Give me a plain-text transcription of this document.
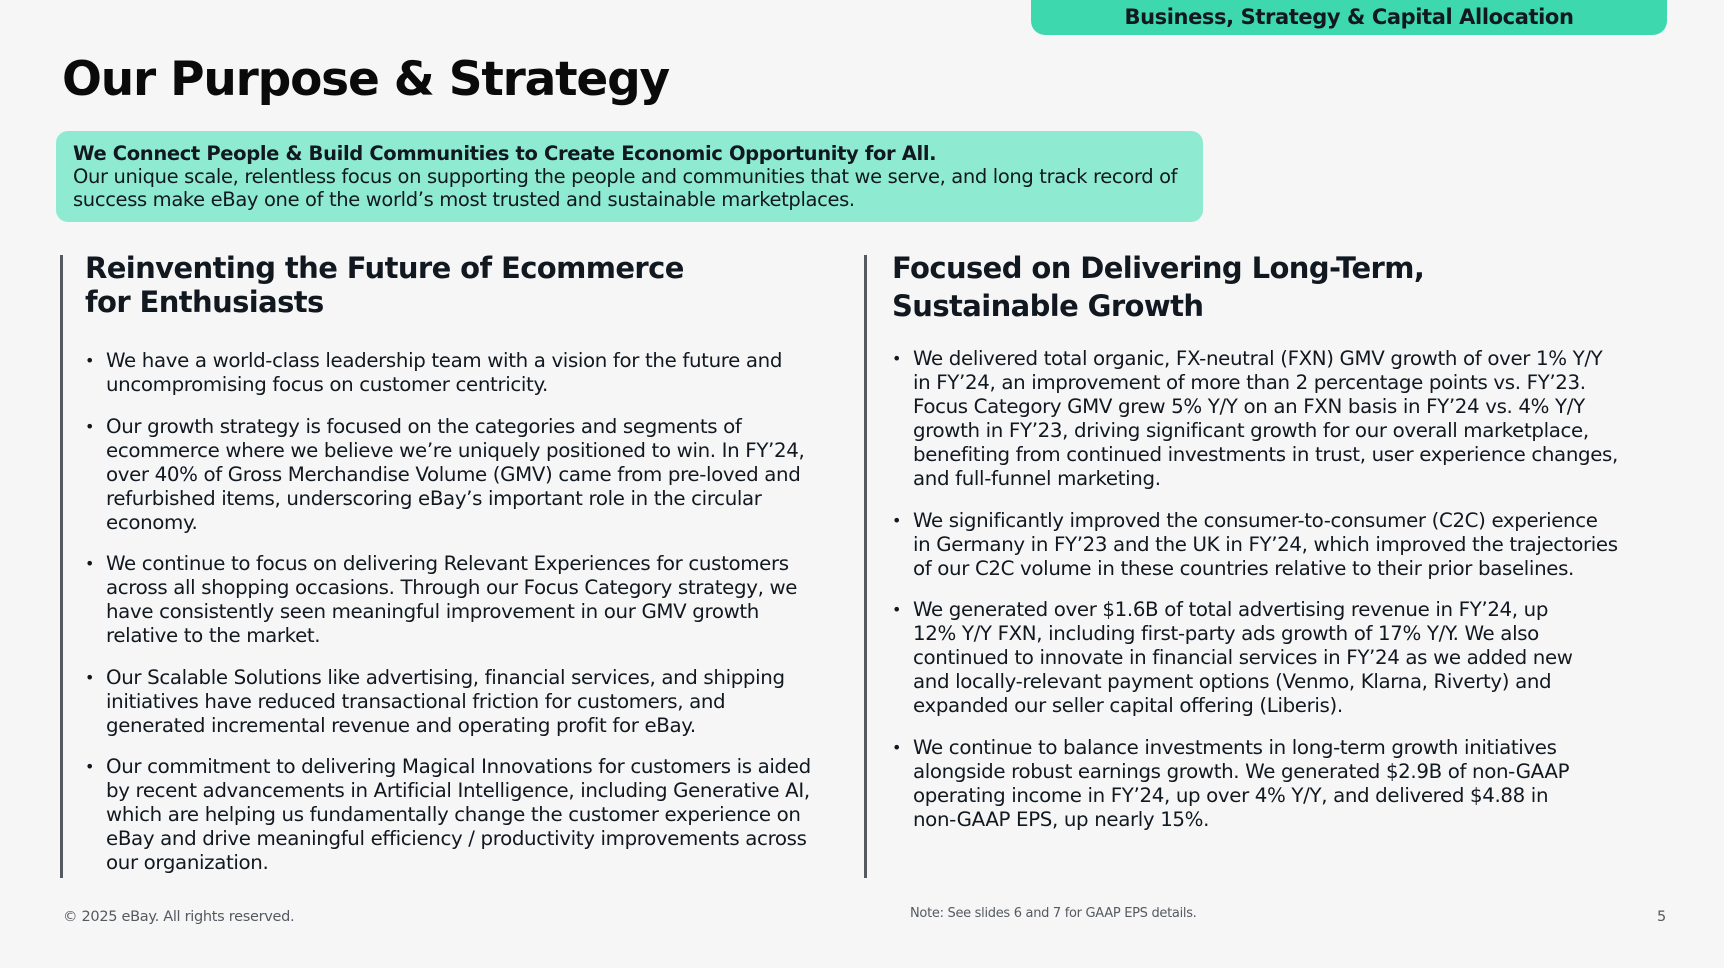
Business, Strategy & Capital Allocation
Our Purpose & Strategy
We Connect People & Build Communities to Create Economic Opportunity for All.
Our unique scale, relentless focus on supporting the people and communities that we serve, and long track record of
success make eBay one of the world’s most trusted and sustainable marketplaces.
Reinventing the Future of Ecommerce
for Enthusiasts
• We have a world-class leadership team with a vision for the future and
uncompromising focus on customer centricity.
• Our growth strategy is focused on the categories and segments of
ecommerce where we believe we’re uniquely positioned to win. In FY’24,
over 40% of Gross Merchandise Volume (GMV) came from pre-loved and
refurbished items, underscoring eBay’s important role in the circular
economy.
• We continue to focus on delivering Relevant Experiences for customers
across all shopping occasions. Through our Focus Category strategy, we
have consistently seen meaningful improvement in our GMV growth
relative to the market.
• Our Scalable Solutions like advertising, financial services, and shipping
initiatives have reduced transactional friction for customers, and
generated incremental revenue and operating profit for eBay.
• Our commitment to delivering Magical Innovations for customers is aided
by recent advancements in Artificial Intelligence, including Generative AI,
which are helping us fundamentally change the customer experience on
eBay and drive meaningful efficiency / productivity improvements across
our organization.
Focused on Delivering Long-Term,
Sustainable Growth
• We delivered total organic, FX-neutral (FXN) GMV growth of over 1% Y/Y
in FY’24, an improvement of more than 2 percentage points vs. FY’23.
Focus Category GMV grew 5% Y/Y on an FXN basis in FY’24 vs. 4% Y/Y
growth in FY’23, driving significant growth for our overall marketplace,
benefiting from continued investments in trust, user experience changes,
and full-funnel marketing.
• We significantly improved the consumer-to-consumer (C2C) experience
in Germany in FY’23 and the UK in FY’24, which improved the trajectories
of our C2C volume in these countries relative to their prior baselines.
• We generated over $1.6B of total advertising revenue in FY’24, up
12% Y/Y FXN, including first-party ads growth of 17% Y/Y. We also
continued to innovate in financial services in FY’24 as we added new
and locally-relevant payment options (Venmo, Klarna, Riverty) and
expanded our seller capital offering (Liberis).
• We continue to balance investments in long-term growth initiatives
alongside robust earnings growth. We generated $2.9B of non-GAAP
operating income in FY’24, up over 4% Y/Y, and delivered $4.88 in
non-GAAP EPS, up nearly 15%.
© 2025 eBay. All rights reserved.	Note: See slides 6 and 7 for GAAP EPS details.	5
